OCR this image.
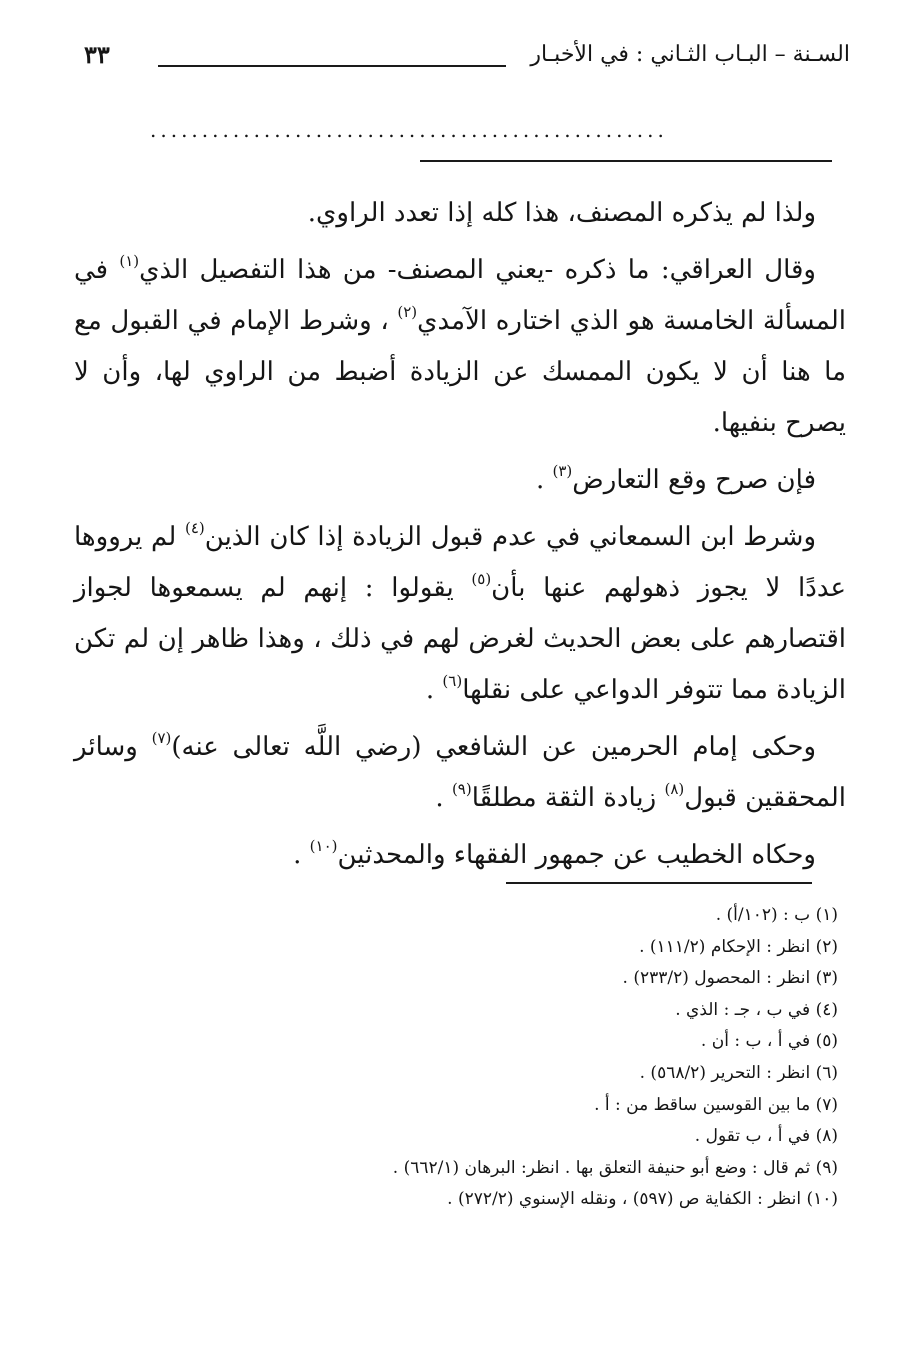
السـنة – البـاب الثـاني : في الأخبـار
٣٣
..................................................

ولذا لم يذكره المصنف، هذا كله إذا تعدد الراوي.

وقال العراقي: ما ذكره -يعني المصنف- من هذا التفصيل الذي$^{(١)}$ في المسألة الخامسة هو الذي اختاره الآمدي$^{(٢)}$ ، وشرط الإمام في القبول مع ما هنا أن لا يكون الممسك عن الزيادة أضبط من الراوي لها، وأن لا يصرح بنفيها.

فإن صرح وقع التعارض$^{(٣)}$ .

وشرط ابن السمعاني في عدم قبول الزيادة إذا كان الذين$^{(٤)}$ لم يرووها عددًا لا يجوز ذهولهم عنها بأن$^{(٥)}$ يقولوا : إنهم لم يسمعوها لجواز اقتصارهم على بعض الحديث لغرض لهم في ذلك ، وهذا ظاهر إن لم تكن الزيادة مما تتوفر الدواعي على نقلها$^{(٦)}$ .

وحكى إمام الحرمين عن الشافعي (رضي اللَّه تعالى عنه)$^{(٧)}$ وسائر المحققين قبول$^{(٨)}$ زيادة الثقة مطلقًا$^{(٩)}$ .

وحكاه الخطيب عن جمهور الفقهاء والمحدثين$^{(١٠)}$ .

(١) ب : (١٠٢/أ) .
(٢) انظر : الإحكام (١١١/٢) .
(٣) انظر : المحصول (٢٣٣/٢) .
(٤) في ب ، جـ : الذي .
(٥) في أ ، ب : أن .
(٦) انظر : التحرير (٥٦٨/٢) .
(٧) ما بين القوسين ساقط من : أ .
(٨) في أ ، ب تقول .
(٩) ثم قال : وضع أبو حنيفة التعلق بها . انظر: البرهان (٦٦٢/١) .
(١٠) انظر : الكفاية ص (٥٩٧) ، ونقله الإسنوي (٢٧٢/٢) .
